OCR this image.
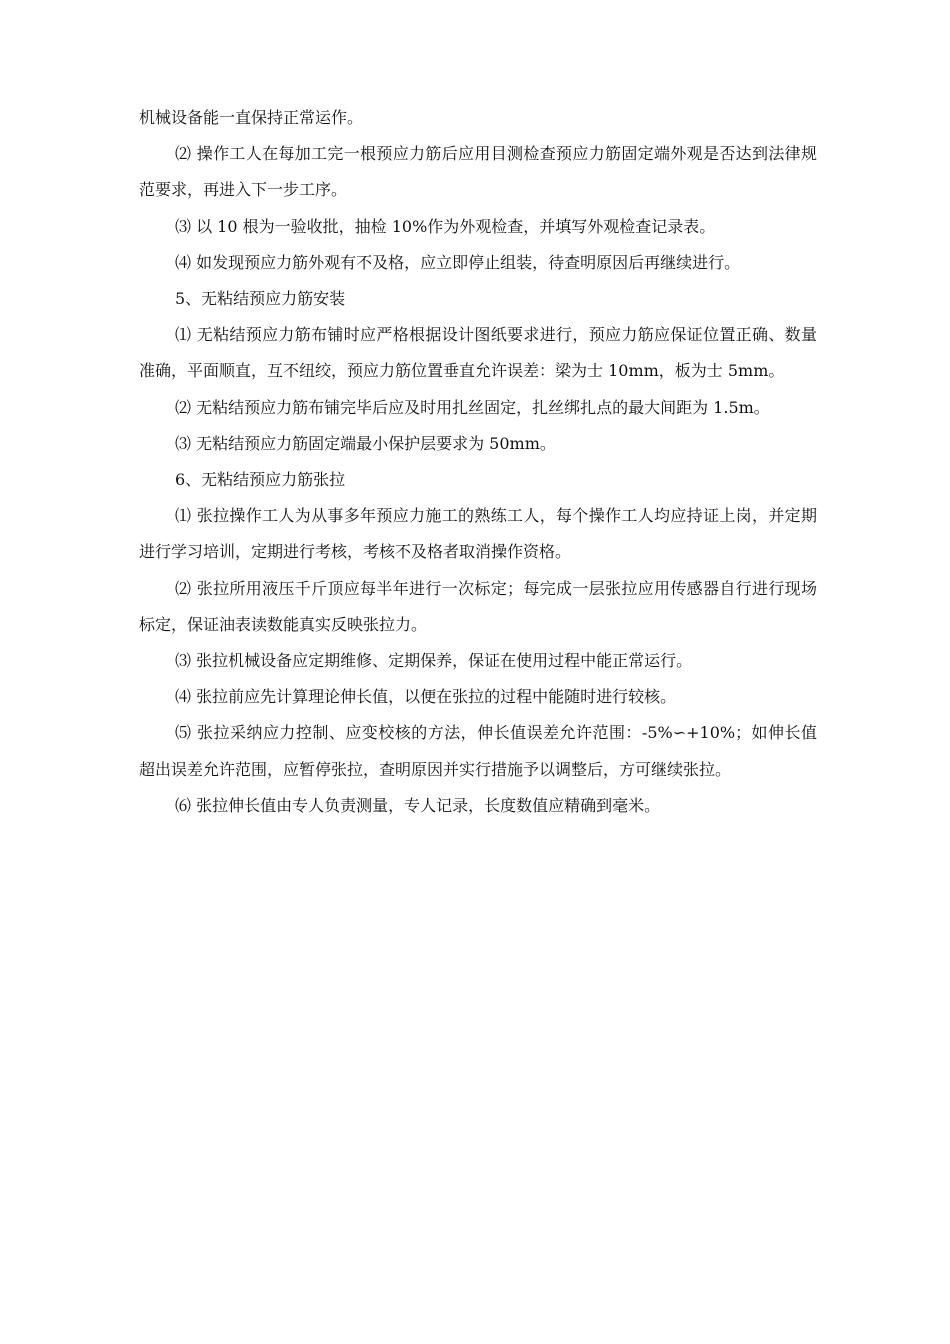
机械设备能一直保持正常运作。

⑵ 操作工人在每加工完一根预应力筋后应用目测检查预应力筋固定端外观是否达到法律规范要求，再进入下一步工序。

⑶ 以 10 根为一验收批，抽检 10%作为外观检查，并填写外观检查记录表。

⑷ 如发现预应力筋外观有不及格，应立即停止组装，待查明原因后再继续进行。

5、无粘结预应力筋安装

⑴ 无粘结预应力筋布铺时应严格根据设计图纸要求进行，预应力筋应保证位置正确、数量准确，平面顺直，互不纽绞，预应力筋位置垂直允许误差：梁为士 10mm，板为士 5mm。

⑵ 无粘结预应力筋布铺完毕后应及时用扎丝固定，扎丝绑扎点的最大间距为 1.5m。

⑶ 无粘结预应力筋固定端最小保护层要求为 50mm。

6、无粘结预应力筋张拉

⑴ 张拉操作工人为从事多年预应力施工的熟练工人，每个操作工人均应持证上岗，并定期进行学习培训，定期进行考核，考核不及格者取消操作资格。

⑵ 张拉所用液压千斤顶应每半年进行一次标定；每完成一层张拉应用传感器自行进行现场标定，保证油表读数能真实反映张拉力。

⑶ 张拉机械设备应定期维修、定期保养，保证在使用过程中能正常运行。

⑷ 张拉前应先计算理论伸长值，以便在张拉的过程中能随时进行较核。

⑸ 张拉采纳应力控制、应变校核的方法，伸长值误差允许范围：-5%∽+10%；如伸长值超出误差允许范围，应暂停张拉，查明原因并实行措施予以调整后，方可继续张拉。

⑹ 张拉伸长值由专人负责测量，专人记录，长度数值应精确到毫米。
